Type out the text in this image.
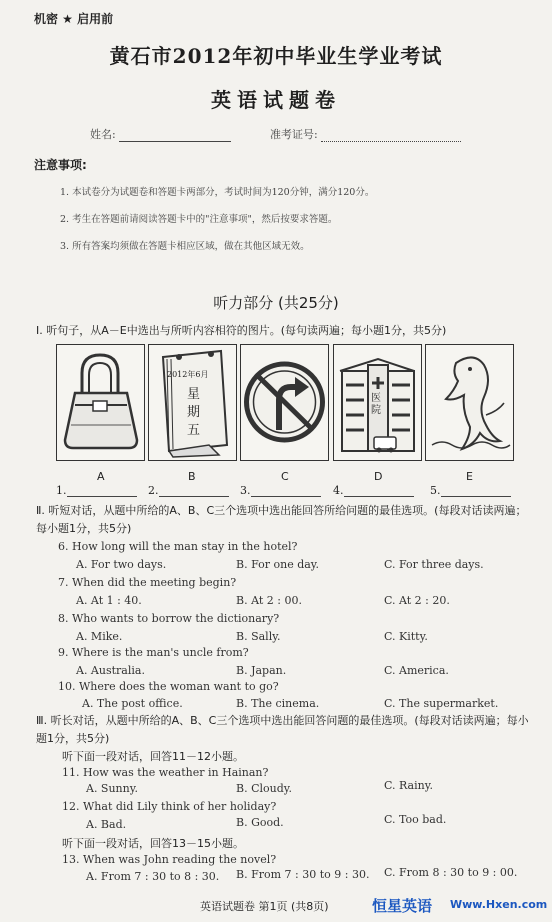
机密 ★ 启用前
黄石市2012年初中毕业生学业考试
英语试题卷
姓名:	准考证号:
注意事项:
1. 本试卷分为试题卷和答题卡两部分，考试时间为120分钟，满分120分。
2. 考生在答题前请阅读答题卡中的"注意事项"，然后按要求答题。
3. 所有答案均须做在答题卡相应区域，做在其他区域无效。
听力部分 (共25分)
Ⅰ. 听句子，从A－E中选出与所听内容相符的图片。(每句读两遍；每小题1分，共5分)
2012年6月
星
期
五
医院
A	B	C	D	E
1.	2.	3.	4.	5.
Ⅱ. 听短对话，从题中所给的A、B、C三个选项中选出能回答所给问题的最佳选项。(每段对话读两遍；每小题1分，共5分)
6. How long will the man stay in the hotel?
A. For two days.	B. For one day.	C. For three days.
7. When did the meeting begin?
A. At 1 : 40.	B. At 2 : 00.	C. At 2 : 20.
8. Who wants to borrow the dictionary?
A. Mike.	B. Sally.	C. Kitty.
9. Where is the man's uncle from?
A. Australia.	B. Japan.	C. America.
10. Where does the woman want to go?
A. The post office.	B. The cinema.	C. The supermarket.
Ⅲ. 听长对话，从题中所给的A、B、C三个选项中选出能回答问题的最佳选项。(每段对话读两遍；每小题1分，共5分)
听下面一段对话，回答11－12小题。
11. How was the weather in Hainan?
A. Sunny.	B. Cloudy.	C. Rainy.
12. What did Lily think of her holiday?
A. Bad.	B. Good.	C. Too bad.
听下面一段对话，回答13－15小题。
13. When was John reading the novel?
A. From 7 : 30 to 8 : 30. B. From 7 : 30 to 9 : 30. C. From 8 : 30 to 9 : 00.
英语试题卷 第1页 (共8页)	恒星英语 Www.Hxen.com
